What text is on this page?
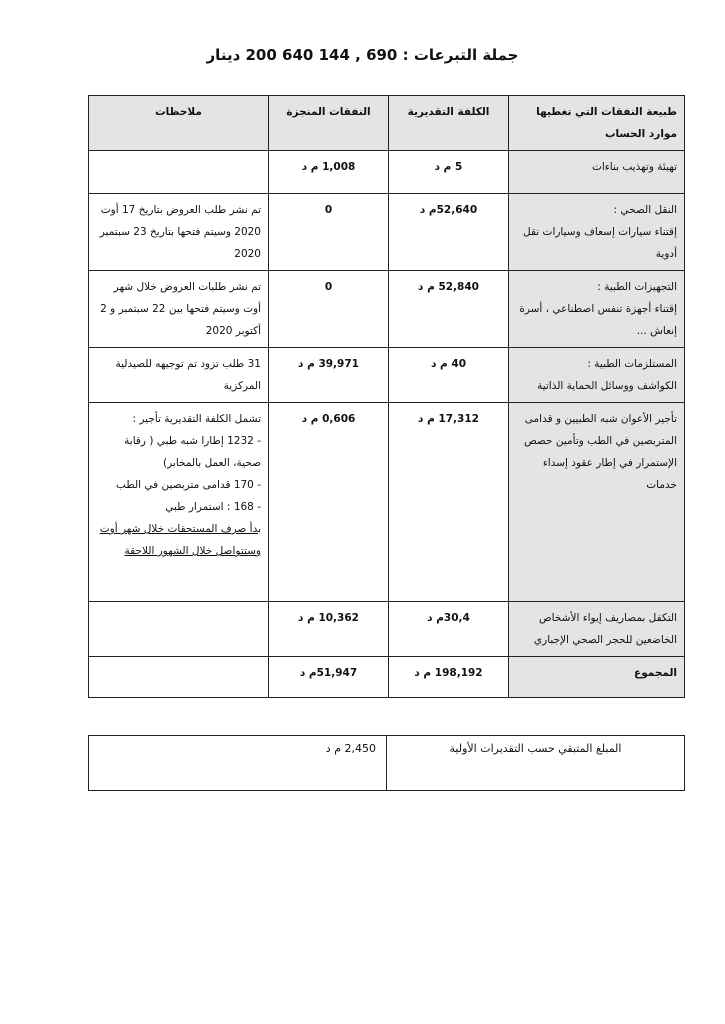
جملة التبرعات : 690 , 144 640 200 دينار
طبيعة النفقات التي تغطيها موارد الحساب	الكلفة التقديرية	النفقات المنجزة	ملاحظات
تهيئة وتهذيب بناءات	5 م د	1,008 م د	

النقل الصحي :
إقتناء سيارات إسعاف وسيارات نقل أدوية	52,640م د	0	تم نشر طلب العروض بتاريخ 17 أوت 2020 وسيتم فتحها بتاريخ 23 سبتمبر 2020

التجهيزات الطبية :
إقتناء أجهزة تنفس اصطناعي ، أسرة إنعاش ...	52,840 م د	0	تم نشر طلبات العروض خلال شهر أوت وسيتم فتحها بين 22 سبتمبر و 2 أكتوبر 2020

المستلزمات الطبية :
الكواشف ووسائل الحماية الذاتية	40 م د	39,971 م د	31 طلب تزود تم توجيهه للصيدلية المركزية
تأجير الأعوان شبه الطبيين و قدامى المتربصين في الطب وتأمين حصص الإستمرار في إطار عقود إسداء خدمات	17,312 م د	0,606 م د	تشمل الكلفة التقديرية تأجير :
- 1232 إطارا شبه طبي ( رقابة صحية، العمل بالمخابر)
- 170 قدامى متربصين في الطب
- 168 : استمرار طبي
بدأ صرف المستحقات خلال شهر أوت وستتواصل خلال الشهور اللاحقة

التكفل بمصاريف إيواء الأشخاص الخاضعين للحجر الصحي الإجباري	30,4م د	10,362 م د	
المجموع	198,192 م د	51,947م د	
المبلغ المتبقي حسب التقديرات الأولية	2,450 م د
